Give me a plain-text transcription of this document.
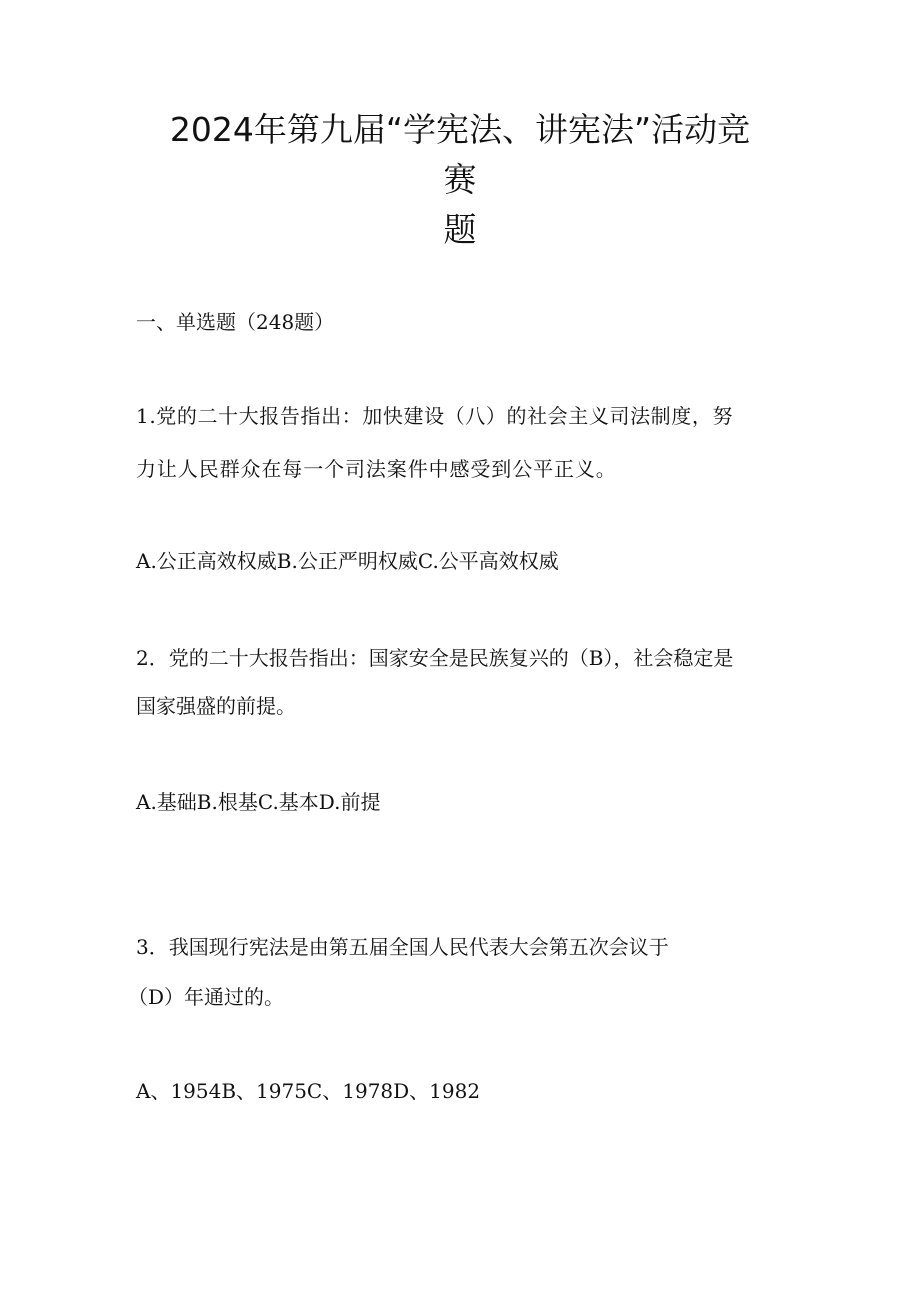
2024年第九届“学宪法、讲宪法”活动竞
赛
题
一、单选题（248题）
1.党的二十大报告指出：加快建设（八）的社会主义司法制度，努
力让人民群众在每一个司法案件中感受到公平正义。
A.公正高效权威B.公正严明权威C.公平高效权威
2．党的二十大报告指出：国家安全是民族复兴的（B），社会稳定是
国家强盛的前提。
A.基础B.根基C.基本D.前提
3．我国现行宪法是由第五届全国人民代表大会第五次会议于
（D）年通过的。
A、1954B、1975C、1978D、1982
